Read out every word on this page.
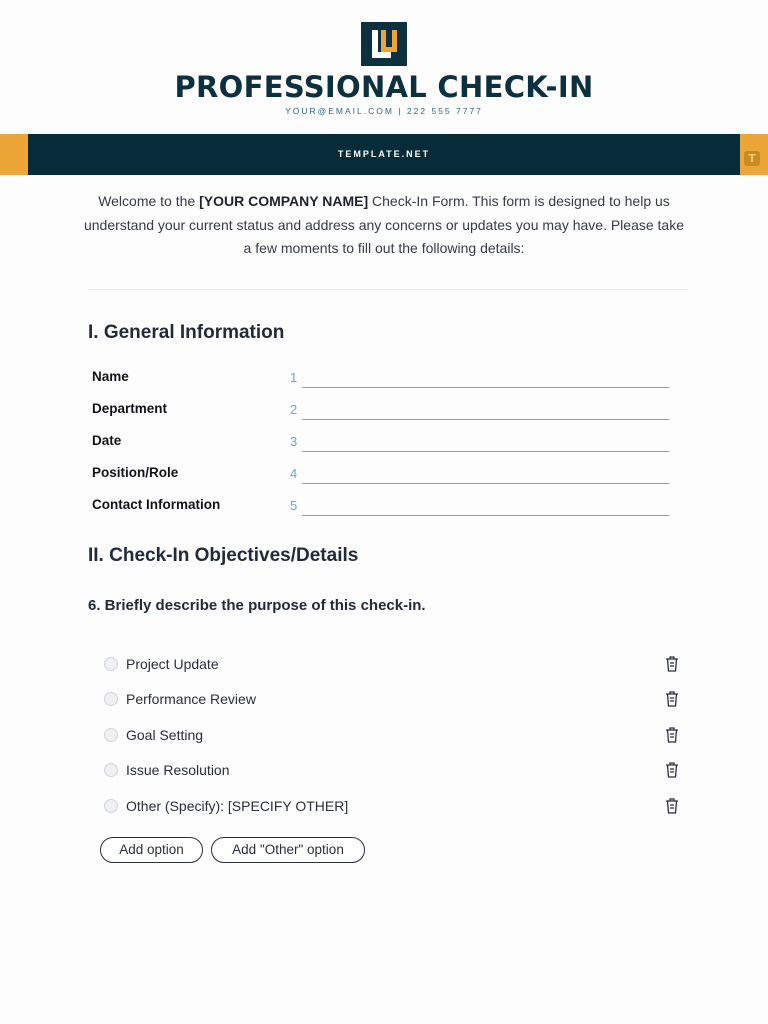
PROFESSIONAL CHECK-IN
YOUR@EMAIL.COM | 222 555 7777
TEMPLATE.NET	T
Welcome to the [YOUR COMPANY NAME] Check-In Form. This form is designed to help us understand your current status and address any concerns or updates you may have. Please take a few moments to fill out the following details:
I. General Information
Name	1
Department	2
Date	3
Position/Role	4
Contact Information	5
II. Check-In Objectives/Details
6. Briefly describe the purpose of this check-in.
Project Update
Performance Review
Goal Setting
Issue Resolution
Other (Specify): [SPECIFY OTHER]
Add option	Add "Other" option
